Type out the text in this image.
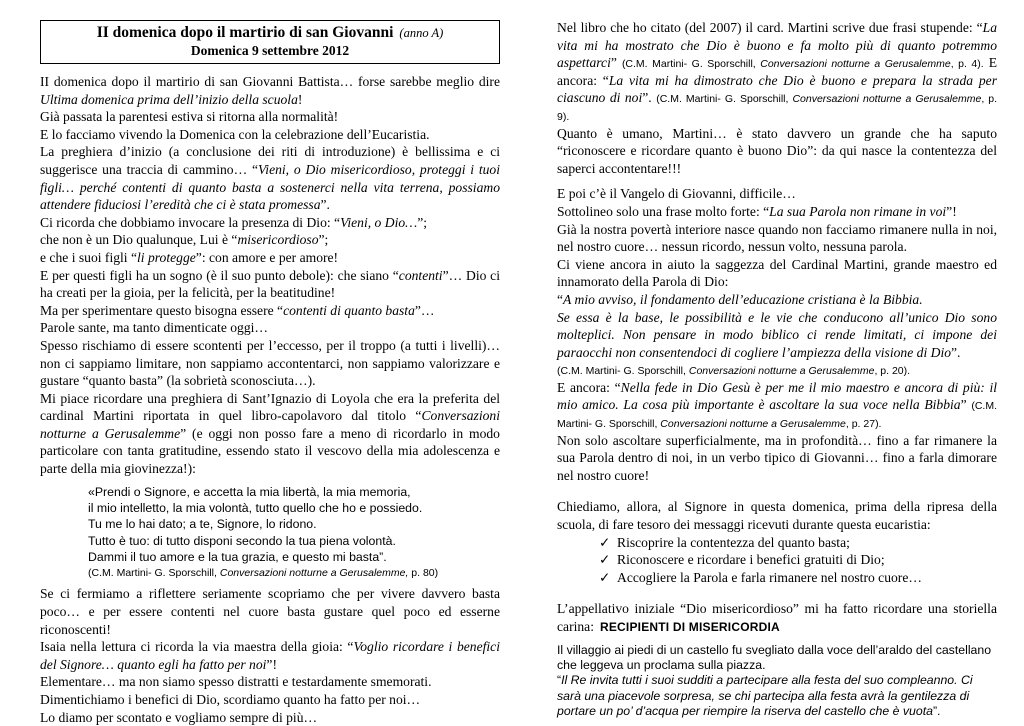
II domenica dopo il martirio di san Giovanni (anno A)
Domenica 9 settembre 2012

II domenica dopo il martirio di san Giovanni Battista… forse sarebbe meglio dire Ultima domenica prima dell’inizio della scuola!

Già passata la parentesi estiva si ritorna alla normalità!

E lo facciamo vivendo la Domenica con la celebrazione dell’Eucaristia.

La preghiera d’inizio (a conclusione dei riti di introduzione) è bellissima e ci suggerisce una traccia di cammino… “Vieni, o Dio misericordioso, proteggi i tuoi figli… perché contenti di quanto basta a sostenerci nella vita terrena, possiamo attendere fiduciosi l’eredità che ci è stata promessa”.

Ci ricorda che dobbiamo invocare la presenza di Dio: “Vieni, o Dio…”;

che non è un Dio qualunque, Lui è “misericordioso”;

e che i suoi figli “li protegge”: con amore e per amore!

E per questi figli ha un sogno (è il suo punto debole): che siano “contenti”… Dio ci ha creati per la gioia, per la felicità, per la beatitudine!

Ma per sperimentare questo bisogna essere “contenti di quanto basta”…

Parole sante, ma tanto dimenticate oggi…

Spesso rischiamo di essere scontenti per l’eccesso, per il troppo (a tutti i livelli)… non ci sappiamo limitare, non sappiamo accontentarci, non sappiamo valorizzare e gustare “quanto basta” (la sobrietà sconosciuta…).

Mi piace ricordare una preghiera di Sant’Ignazio di Loyola che era la preferita del cardinal Martini riportata in quel libro-capolavoro dal titolo “Conversazioni notturne a Gerusalemme” (e oggi non posso fare a meno di ricordarlo in modo particolare con tanta gratitudine, essendo stato il vescovo della mia adolescenza e parte della mia giovinezza!):

«Prendi o Signore, e accetta la mia libertà, la mia memoria,
il mio intelletto, la mia volontà, tutto quello che ho e possiedo.
Tu me lo hai dato; a te, Signore, lo ridono.
Tutto è tuo: di tutto disponi secondo la tua piena volontà.
Dammi il tuo amore e la tua grazia, e questo mi basta”.
(C.M. Martini- G. Sporschill, Conversazioni notturne a Gerusalemme, p. 80)

Se ci fermiamo a riflettere seriamente scopriamo che per vivere davvero basta poco… e per essere contenti nel cuore basta gustare quel poco ed esserne riconoscenti!

Isaia nella lettura ci ricorda la via maestra della gioia: “Voglio ricordare i benefici del Signore… quanto egli ha fatto per noi”!

Elementare… ma non siamo spesso distratti e testardamente smemorati.

Dimentichiamo i benefici di Dio, scordiamo quanto ha fatto per noi…

Lo diamo per scontato e vogliamo sempre di più…

Nel libro che ho citato (del 2007) il card. Martini scrive due frasi stupende: “La vita mi ha mostrato che Dio è buono e fa molto più di quanto potremmo aspettarci” (C.M. Martini- G. Sporschill, Conversazioni notturne a Gerusalemme, p. 4). E ancora: “La vita mi ha dimostrato che Dio è buono e prepara la strada per ciascuno di noi”. (C.M. Martini- G. Sporschill, Conversazioni notturne a Gerusalemme, p. 9).

Quanto è umano, Martini… è stato davvero un grande che ha saputo “riconoscere e ricordare quanto è buono Dio”: da qui nasce la contentezza del saperci accontentare!!!

E poi c’è il Vangelo di Giovanni, difficile…

Sottolineo solo una frase molto forte: “La sua Parola non rimane in voi”!

Già la nostra povertà interiore nasce quando non facciamo rimanere nulla in noi, nel nostro cuore… nessun ricordo, nessun volto, nessuna parola.

Ci viene ancora in aiuto la saggezza del Cardinal Martini, grande maestro ed innamorato della Parola di Dio:

“A mio avviso, il fondamento dell’educazione cristiana è la Bibbia.

Se essa è la base, le possibilità e le vie che conducono all’unico Dio sono molteplici. Non pensare in modo biblico ci rende limitati, ci impone dei paraocchi non consentendoci di cogliere l’ampiezza della visione di Dio”.
(C.M. Martini- G. Sporschill, Conversazioni notturne a Gerusalemme, p. 20).

E ancora: “Nella fede in Dio Gesù è per me il mio maestro e ancora di più: il mio amico. La cosa più importante è ascoltare la sua voce nella Bibbia” (C.M. Martini- G. Sporschill, Conversazioni notturne a Gerusalemme, p. 27).

Non solo ascoltare superficialmente, ma in profondità… fino a far rimanere la sua Parola dentro di noi, in un verbo tipico di Giovanni… fino a farla dimorare nel nostro cuore!

Chiediamo, allora, al Signore in questa domenica, prima della ripresa della scuola, di fare tesoro dei messaggi ricevuti durante questa eucaristia:

✓ Riscoprire la contentezza del quanto basta;
✓ Riconoscere e ricordare i benefici gratuiti di Dio;
✓ Accogliere la Parola e farla rimanere nel nostro cuore…

L’appellativo iniziale “Dio misericordioso” mi ha fatto ricordare una storiella carina: RECIPIENTI DI MISERICORDIA

Il villaggio ai piedi di un castello fu svegliato dalla voce dell’araldo del castellano che leggeva un proclama sulla piazza.

“Il Re invita tutti i suoi sudditi a partecipare alla festa del suo compleanno. Ci sarà una piacevole sorpresa, se chi partecipa alla festa avrà la gentilezza di portare un po’ d’acqua per riempire la riserva del castello che è vuota”.
